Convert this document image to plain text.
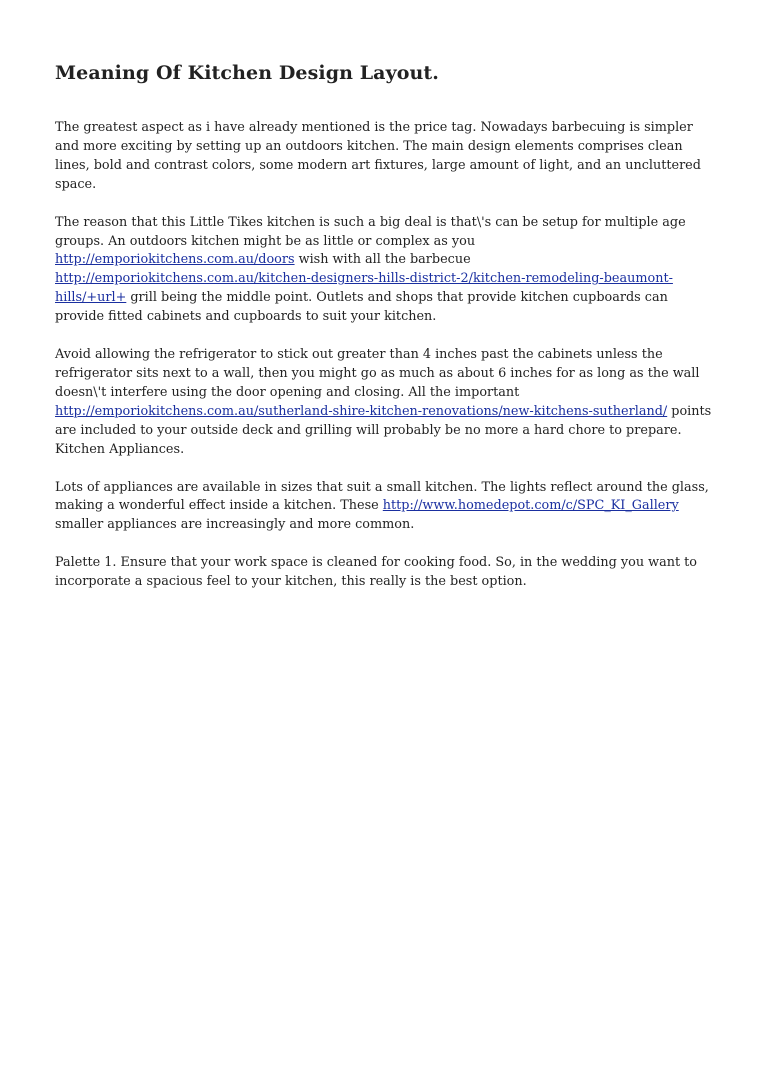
Meaning Of Kitchen Design Layout.

The greatest aspect as i have already mentioned is the price tag. Nowadays barbecuing is simpler and more exciting by setting up an outdoors kitchen. The main design elements comprises clean lines, bold and contrast colors, some modern art fixtures, large amount of light, and an uncluttered space.

The reason that this Little Tikes kitchen is such a big deal is that\'s can be setup for multiple age groups. An outdoors kitchen might be as little or complex as you http://emporiokitchens.com.au/doors wish with all the barbecue
http://emporiokitchens.com.au/kitchen-designers-hills-district-2/kitchen-remodeling-beaumont-hills/+url+ grill being the middle point. Outlets and shops that provide kitchen cupboards can provide fitted cabinets and cupboards to suit your kitchen.

Avoid allowing the refrigerator to stick out greater than 4 inches past the cabinets unless the refrigerator sits next to a wall, then you might go as much as about 6 inches for as long as the wall doesn\'t interfere using the door opening and closing. All the important http://emporiokitchens.com.au/sutherland-shire-kitchen-renovations/new-kitchens-sutherland/ points are included to your outside deck and grilling will probably be no more a hard chore to prepare. Kitchen Appliances.

Lots of appliances are available in sizes that suit a small kitchen. The lights reflect around the glass, making a wonderful effect inside a kitchen. These http://www.homedepot.com/c/SPC_KI_Gallery smaller appliances are increasingly and more common.

Palette 1. Ensure that your work space is cleaned for cooking food. So, in the wedding you want to incorporate a spacious feel to your kitchen, this really is the best option.
